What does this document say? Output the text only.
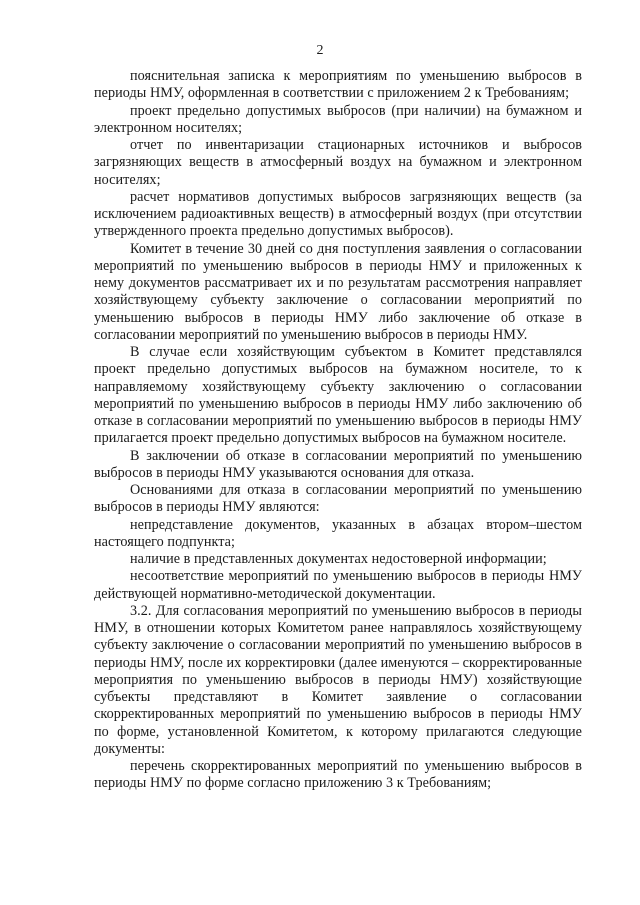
2

пояснительная записка к мероприятиям по уменьшению выбросов в периоды НМУ, оформленная в соответствии с приложением 2 к Требованиям;

проект предельно допустимых выбросов (при наличии) на бумажном и электронном носителях;

отчет по инвентаризации стационарных источников и выбросов загрязняющих веществ в атмосферный воздух на бумажном и электронном носителях;

расчет нормативов допустимых выбросов загрязняющих веществ (за исключением радиоактивных веществ) в атмосферный воздух (при отсутствии утвержденного проекта предельно допустимых выбросов).

Комитет в течение 30 дней со дня поступления заявления о согласовании мероприятий по уменьшению выбросов в периоды НМУ и приложенных к нему документов рассматривает их и по результатам рассмотрения направляет хозяйствующему субъекту заключение о согласовании мероприятий по уменьшению выбросов в периоды НМУ либо заключение об отказе в согласовании мероприятий по уменьшению выбросов в периоды НМУ.

В случае если хозяйствующим субъектом в Комитет представлялся проект предельно допустимых выбросов на бумажном носителе, то к направляемому хозяйствующему субъекту заключению о согласовании мероприятий по уменьшению выбросов в периоды НМУ либо заключению об отказе в согласовании мероприятий по уменьшению выбросов в периоды НМУ прилагается проект предельно допустимых выбросов на бумажном носителе.

В заключении об отказе в согласовании мероприятий по уменьшению выбросов в периоды НМУ указываются основания для отказа.

Основаниями для отказа в согласовании мероприятий по уменьшению выбросов в периоды НМУ являются:

непредставление документов, указанных в абзацах втором–шестом настоящего подпункта;

наличие в представленных документах недостоверной информации;

несоответствие мероприятий по уменьшению выбросов в периоды НМУ действующей нормативно-методической документации.

3.2. Для согласования мероприятий по уменьшению выбросов в периоды НМУ, в отношении которых Комитетом ранее направлялось хозяйствующему субъекту заключение о согласовании мероприятий по уменьшению выбросов в периоды НМУ, после их корректировки (далее именуются – скорректированные мероприятия по уменьшению выбросов в периоды НМУ) хозяйствующие субъекты представляют в Комитет заявление о согласовании скорректированных мероприятий по уменьшению выбросов в периоды НМУ по форме, установленной Комитетом, к которому прилагаются следующие документы:

перечень скорректированных мероприятий по уменьшению выбросов в периоды НМУ по форме согласно приложению 3 к Требованиям;
